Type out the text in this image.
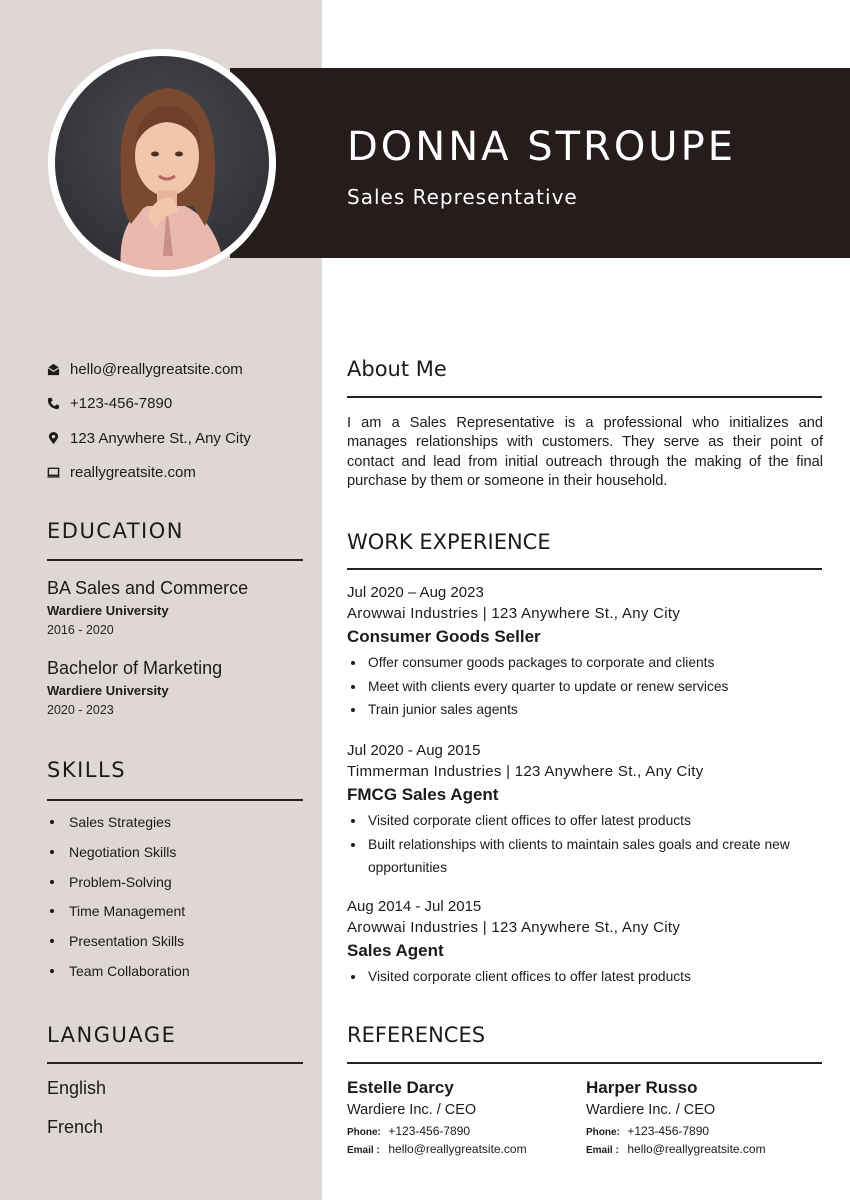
DONNA STROUPE
Sales Representative
hello@reallygreatsite.com
+123-456-7890
123 Anywhere St., Any City
reallygreatsite.com
EDUCATION
BA Sales and Commerce
Wardiere University
2016 - 2020
Bachelor of Marketing
Wardiere University
2020 - 2023
SKILLS
Sales Strategies
Negotiation Skills
Problem-Solving
Time Management
Presentation Skills
Team Collaboration
LANGUAGE
English
French
About Me
I am a Sales Representative is a professional who initializes and manages relationships with customers. They serve as their point of contact and lead from initial outreach through the making of the final purchase by them or someone in their household.
WORK EXPERIENCE
Jul 2020 – Aug 2023
Arowwai Industries | 123 Anywhere St., Any City
Consumer Goods Seller
Offer consumer goods packages to corporate and clients
Meet with clients every quarter to update or renew services
Train junior sales agents
Jul 2020 - Aug 2015
Timmerman Industries | 123 Anywhere St., Any City
FMCG Sales Agent
Visited corporate client offices to offer latest products
Built relationships with clients to maintain sales goals and create new opportunities
Aug 2014 - Jul 2015
Arowwai Industries | 123 Anywhere St., Any City
Sales Agent
Visited corporate client offices to offer latest products
REFERENCES
Estelle Darcy
Wardiere Inc. / CEO
Phone: +123-456-7890
Email : hello@reallygreatsite.com
Harper Russo
Wardiere Inc. / CEO
Phone: +123-456-7890
Email : hello@reallygreatsite.com
